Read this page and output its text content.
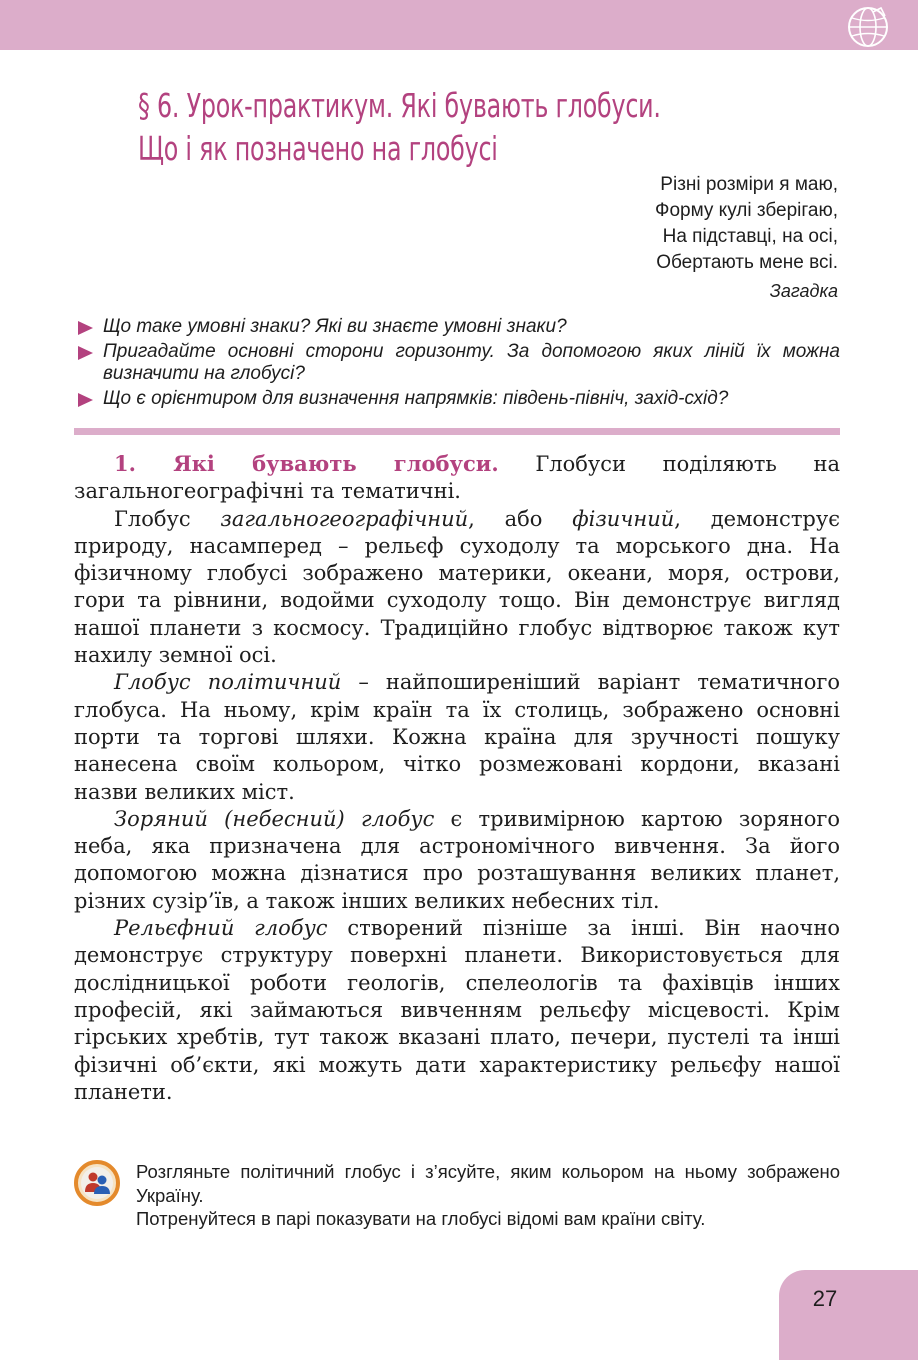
§ 6. Урок-практикум. Які бувають глобуси.
Що і як позначено на глобусі
Різні розміри я маю,
Форму кулі зберігаю,
На підставці, на осі,
Обертають мене всі.
Загадка
Що таке умовні знаки? Які ви знаєте умовні знаки?
Пригадайте основні сторони горизонту. За допомогою яких ліній їх можна визначити на глобусі?
Що є орієнтиром для визначення напрямків: південь-північ, захід-схід?

1. Які бувають глобуси. Глобуси поділяють на загальногеографічні та тематичні.

Глобус загальногеографічний, або фізичний, демонструє природу, насамперед – рельєф суходолу та морського дна. На фізичному глобусі зображено материки, океани, моря, острови, гори та рівнини, водойми суходолу тощо. Він демонструє вигляд нашої планети з космосу. Традиційно глобус відтворює також кут нахилу земної осі.

Глобус політичний – найпоширеніший варіант тематичного глобуса. На ньому, крім країн та їх столиць, зображено основні порти та торгові шляхи. Кожна країна для зручності пошуку нанесена своїм кольором, чітко розмежовані кордони, вказані назви великих міст.

Зоряний (небесний) глобус є тривимірною картою зоряного неба, яка призначена для астрономічного вивчення. За його допомогою можна дізнатися про розташування великих планет, різних сузір’їв, а також інших великих небесних тіл.

Рельєфний глобус створений пізніше за інші. Він наочно демонструє структуру поверхні планети. Використовується для дослідницької роботи геологів, спелеологів та фахівців інших професій, які займаються вивченням рельєфу місцевості. Крім гірських хребтів, тут також вказані плато, печери, пустелі та інші фізичні об’єкти, які можуть дати характеристику рельєфу нашої планети.

Розгляньте політичний глобус і з’ясуйте, яким кольором на ньому зображено Україну.

Потренуйтеся в парі показувати на глобусі відомі вам країни світу.

27
